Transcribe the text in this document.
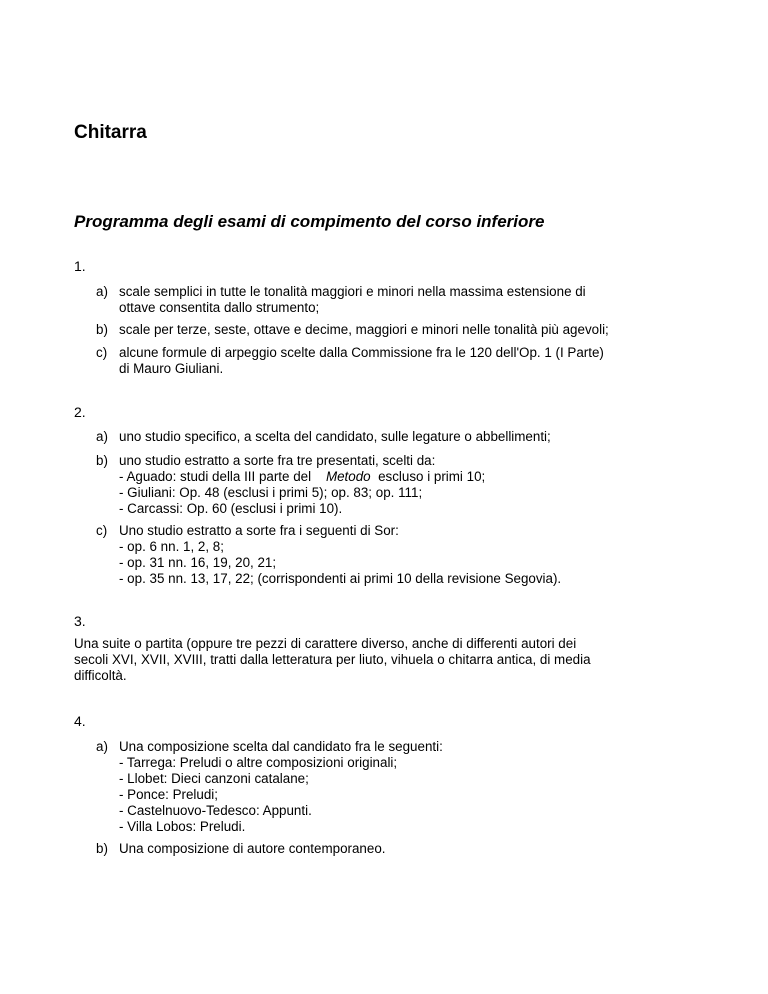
Chitarra
Programma degli esami di compimento del corso inferiore
1.
a) scale semplici in tutte le tonalità maggiori e minori nella massima estensione di
ottave consentita dallo strumento;
b) scale per terze, seste, ottave e decime, maggiori e minori nelle tonalità più agevoli;
c) alcune formule di arpeggio scelte dalla Commissione fra le 120 dell'Op. 1 (I Parte)
di Mauro Giuliani.
2.
a) uno studio specifico, a scelta del candidato, sulle legature o abbellimenti;
b) uno studio estratto a sorte fra tre presentati, scelti da:
- Aguado: studi della III parte del Metodo escluso i primi 10;
- Giuliani: Op. 48 (esclusi i primi 5); op. 83; op. 111;
- Carcassi: Op. 60 (esclusi i primi 10).
c) Uno studio estratto a sorte fra i seguenti di Sor:
- op. 6 nn. 1, 2, 8;
- op. 31 nn. 16, 19, 20, 21;
- op. 35 nn. 13, 17, 22; (corrispondenti ai primi 10 della revisione Segovia).
3.
Una suite o partita (oppure tre pezzi di carattere diverso, anche di differenti autori dei
secoli XVI, XVII, XVIII, tratti dalla letteratura per liuto, vihuela o chitarra antica, di media
difficoltà.
4.
a) Una composizione scelta dal candidato fra le seguenti:
- Tarrega: Preludi o altre composizioni originali;
- Llobet: Dieci canzoni catalane;
- Ponce: Preludi;
- Castelnuovo-Tedesco: Appunti.
- Villa Lobos: Preludi.
b) Una composizione di autore contemporaneo.
